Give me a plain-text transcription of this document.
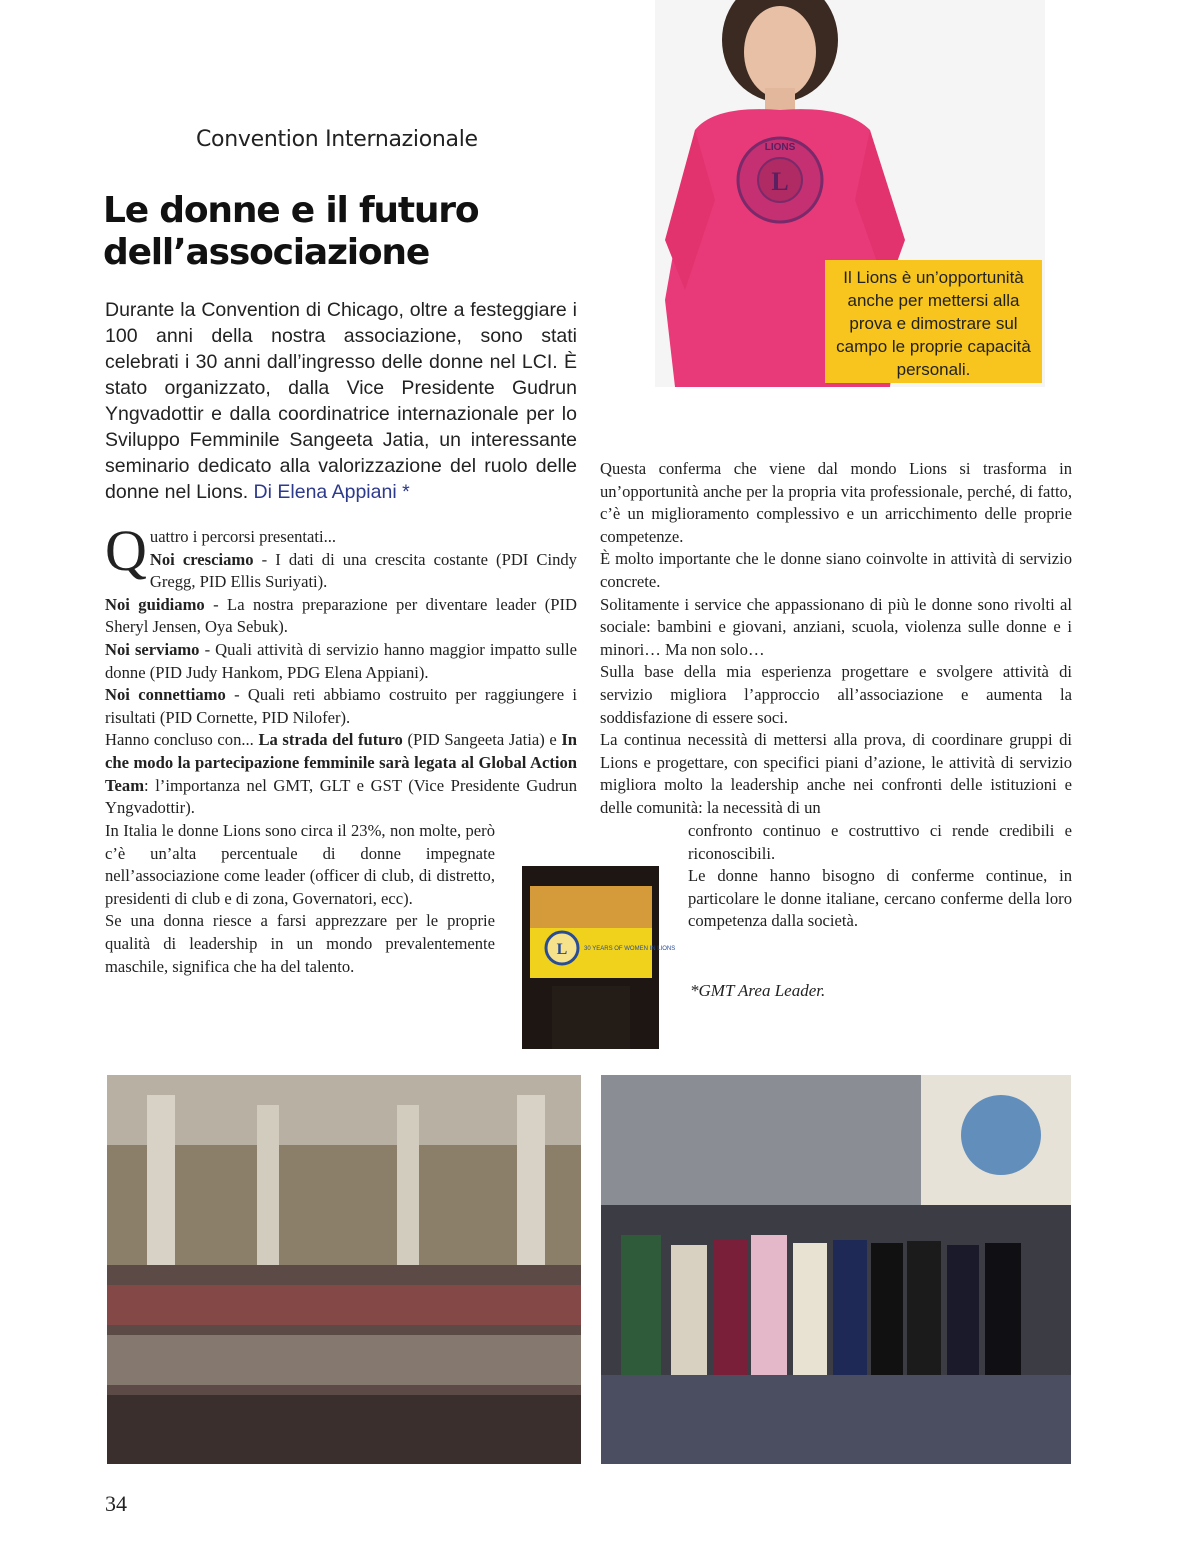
L
LIONS
Il Lions è un’opportunità anche per mettersi alla prova e dimostrare sul campo le proprie capacità personali.
Convention Internazionale
Le donne e il futuro
dell’associazione

Durante la Convention di Chicago, oltre a festeggiare i 100 anni della nostra associazione, sono stati celebrati i 30 anni dall’ingresso delle donne nel LCI. È stato organizzato, dalla Vice Presidente Gudrun Yngvadottir e dalla coordinatrice internazionale per lo Sviluppo Femminile Sangeeta Jatia, un interessante seminario dedicato alla valorizzazione del ruolo delle donne nel Lions. Di Elena Appiani *

Quattro i percorsi presentati...
Noi cresciamo - I dati di una crescita costante (PDI Cindy Gregg, PID Ellis Suriyati).
Noi guidiamo - La nostra preparazione per diventare leader (PID Sheryl Jensen, Oya Sebuk).
Noi serviamo - Quali attività di servizio hanno maggior impatto sulle donne (PID Judy Hankom, PDG Elena Appiani).
Noi connettiamo - Quali reti abbiamo costruito per raggiungere i risultati (PID Cornette, PID Nilofer).
Hanno concluso con... La strada del futuro (PID Sangeeta Jatia) e In che modo la partecipazione femminile sarà legata al Global Action Team: l’importanza nel GMT, GLT e GST (Vice Presidente Gudrun Yngvadottir).
In Italia le donne Lions sono circa il 23%, non molte, però c’è un’alta percentuale di donne impegnate nell’associazione come leader (officer di club, di distretto, presidenti di club e di zona, Governatori, ecc).
Se una donna riesce a farsi apprezzare per le proprie qualità di leadership in un mondo prevalentemente maschile, significa che ha del talento.
L	30 YEARS OF WOMEN IN LIONS
Questa conferma che viene dal mondo Lions si trasforma in un’opportunità anche per la propria vita professionale, perché, di fatto, c’è un miglioramento complessivo e un arricchimento delle proprie competenze.
È molto importante che le donne siano coinvolte in attività di servizio concrete.
Solitamente i service che appassionano di più le donne sono rivolti al sociale: bambini e giovani, anziani, scuola, violenza sulle donne e i minori… Ma non solo…
Sulla base della mia esperienza progettare e svolgere attività di servizio migliora l’approccio all’associazione e aumenta la soddisfazione di essere soci.
La continua necessità di mettersi alla prova, di coordinare gruppi di Lions e progettare, con specifici piani d’azione, le attività di servizio migliora molto la leadership anche nei confronti delle istituzioni e delle comunità: la necessità di un
confronto continuo e costruttivo ci rende credibili e riconoscibili.
Le donne hanno bisogno di conferme continue, in particolare le donne italiane, cercano conferme della loro competenza dalla società.
*GMT Area Leader.
34
